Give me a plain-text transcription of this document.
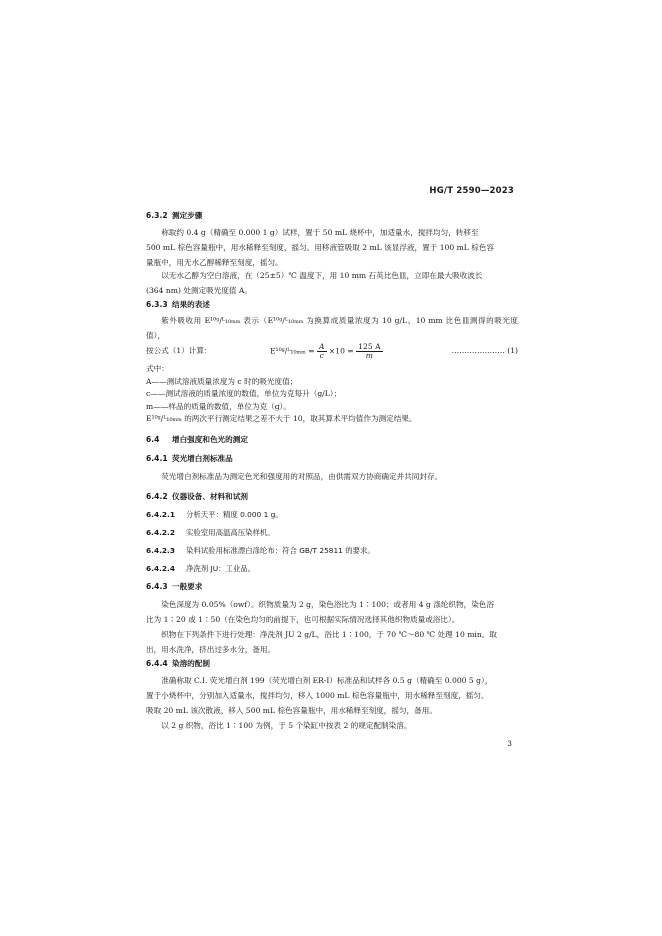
HG/T 2590—2023
6.3.2 测定步骤

称取约 0.4 g（精确至 0.000 1 g）试样，置于 50 mL 烧杯中，加适量水，搅拌均匀，转移至

500 mL 棕色容量瓶中，用水稀释至刻度，摇匀。用移液管吸取 2 mL 该显浮液，置于 100 mL 棕色容

量瓶中，用无水乙醇稀释至刻度，摇匀。

以无水乙醇为空白溶液，在（25±5）℃ 温度下，用 10 mm 石英比色皿，立即在最大吸收波长

(364 nm) 处测定吸光度值 A。

6.3.3 结果的表述

紫外吸收用 E¹⁰ᵍ/ᴸ₁₀ₘₘ 表示（E¹⁰ᵍ/ᴸ₁₀ₘₘ 为换算成质量浓度为 10 g/L、10 mm 比色皿测得的吸光度值），

按公式（1）计算：	E¹⁰ᵍ/ᴸ₁₀ₘₘ = $\frac{A}{c} \times 10 = \frac{125 A}{m}$	………………… (1)

式中：

A——测试溶液质量浓度为 c 时的吸光度值；

c——测试溶液的质量浓度的数值，单位为克每升（g/L）；

m——样品的质量的数值，单位为克（g）。

E¹⁰ᵍ/ᴸ₁₀ₘₘ 的两次平行测定结果之差不大于 10，取其算术平均值作为测定结果。

6.4 增白强度和色光的测定
6.4.1 荧光增白剂标准品

荧光增白剂标准品为测定色光和强度用的对照品，由供需双方协商确定并共同封存。

6.4.2 仪器设备、材料和试剂
6.4.2.1 分析天平：精度 0.000 1 g。
6.4.2.2 实验室用高温高压染样机。
6.4.2.3 染料试验用标准漂白涤纶布：符合 GB/T 25811 的要求。
6.4.2.4 净洗剂 JU：工业品。
6.4.3 一般要求

染色深度为 0.05%（owf）。织物质量为 2 g，染色浴比为 1∶100；或者用 4 g 涤纶织物，染色浴

比为 1∶20 或 1∶50（在染色均匀的前提下，也可根据实际情况选择其他织物质量或浴比）。

织物在下列条件下进行处理：净洗剂 JU 2 g/L，浴比 1∶100，于 70 ℃～80 ℃ 处理 10 min。取

出，用水洗净，挤出过多水分，备用。

6.4.4 染溶的配制

准确称取 C.I. 荧光增白剂 199（荧光增白剂 ER-Ⅰ）标准品和试样各 0.5 g（精确至 0.000 5 g），

置于小烧杯中，分别加入适量水，搅拌均匀，移入 1000 mL 棕色容量瓶中，用水稀释至刻度，摇匀。

吸取 20 mL 该次散液，移入 500 mL 棕色容量瓶中，用水稀释至刻度，摇匀，备用。

以 2 g 织物，浴比 1∶100 为例，于 5 个染缸中按表 2 的规定配制染溶。

3
